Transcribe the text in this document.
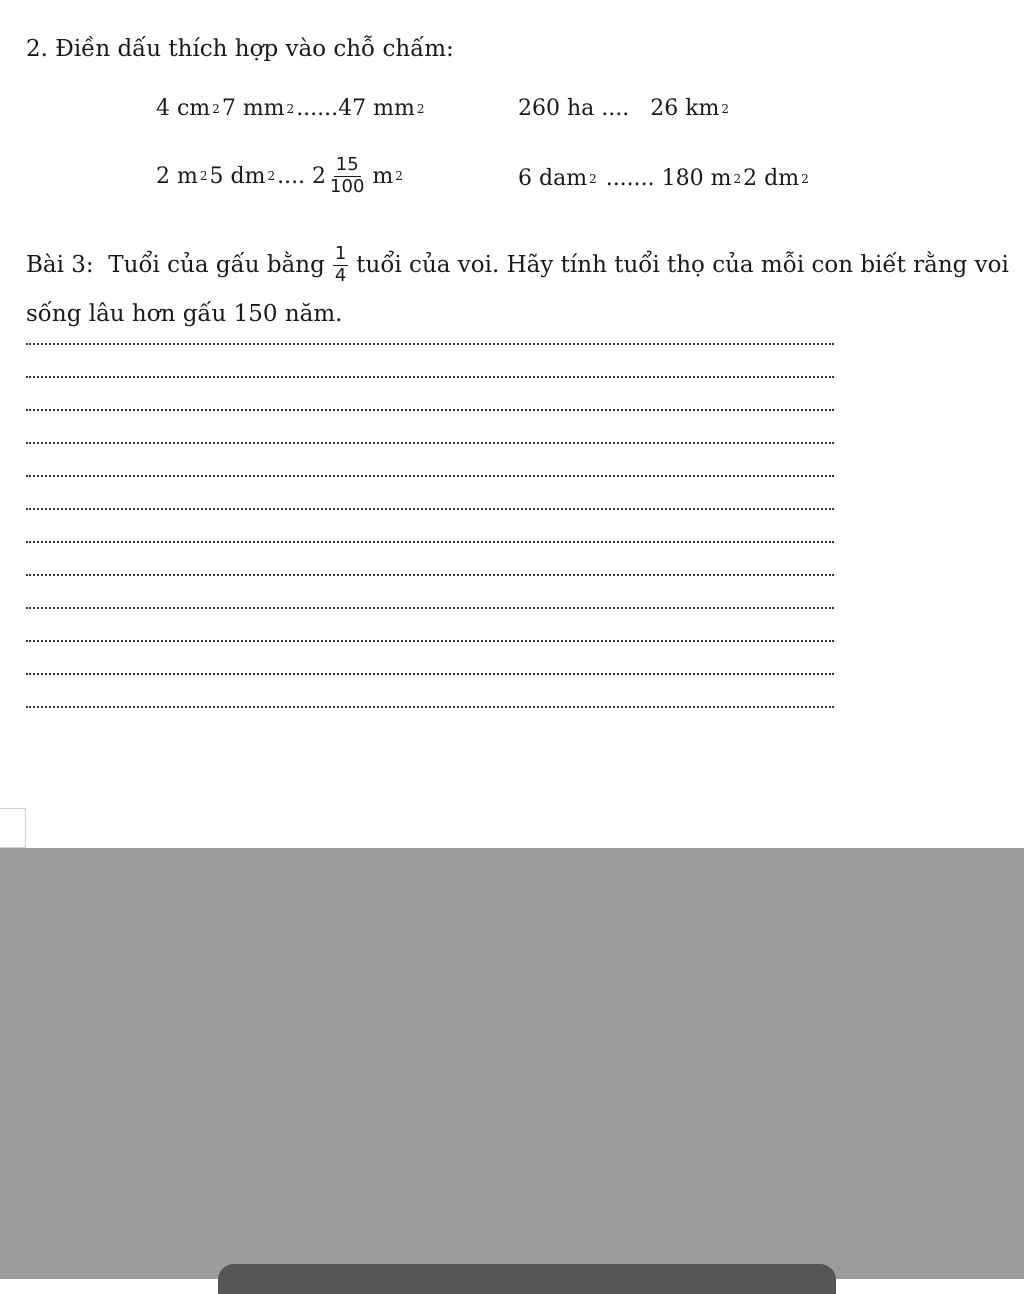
2. Điền dấu thích hợp vào chỗ chấm:
4 cm 2 7 mm 2 ......47 mm 2	260 ha ....   26 km 2
2 m 2 5 dm 2 .... $2 \frac{15}{100}$ m 2	6 dam 2 ....... 180 m 2 2 dm 2
Bài 3:  Tuổi của gấu bằng $\frac{1}{4}$ tuổi của voi. Hãy tính tuổi thọ của mỗi con biết rằng voi
sống lâu hơn gấu 150 năm.
